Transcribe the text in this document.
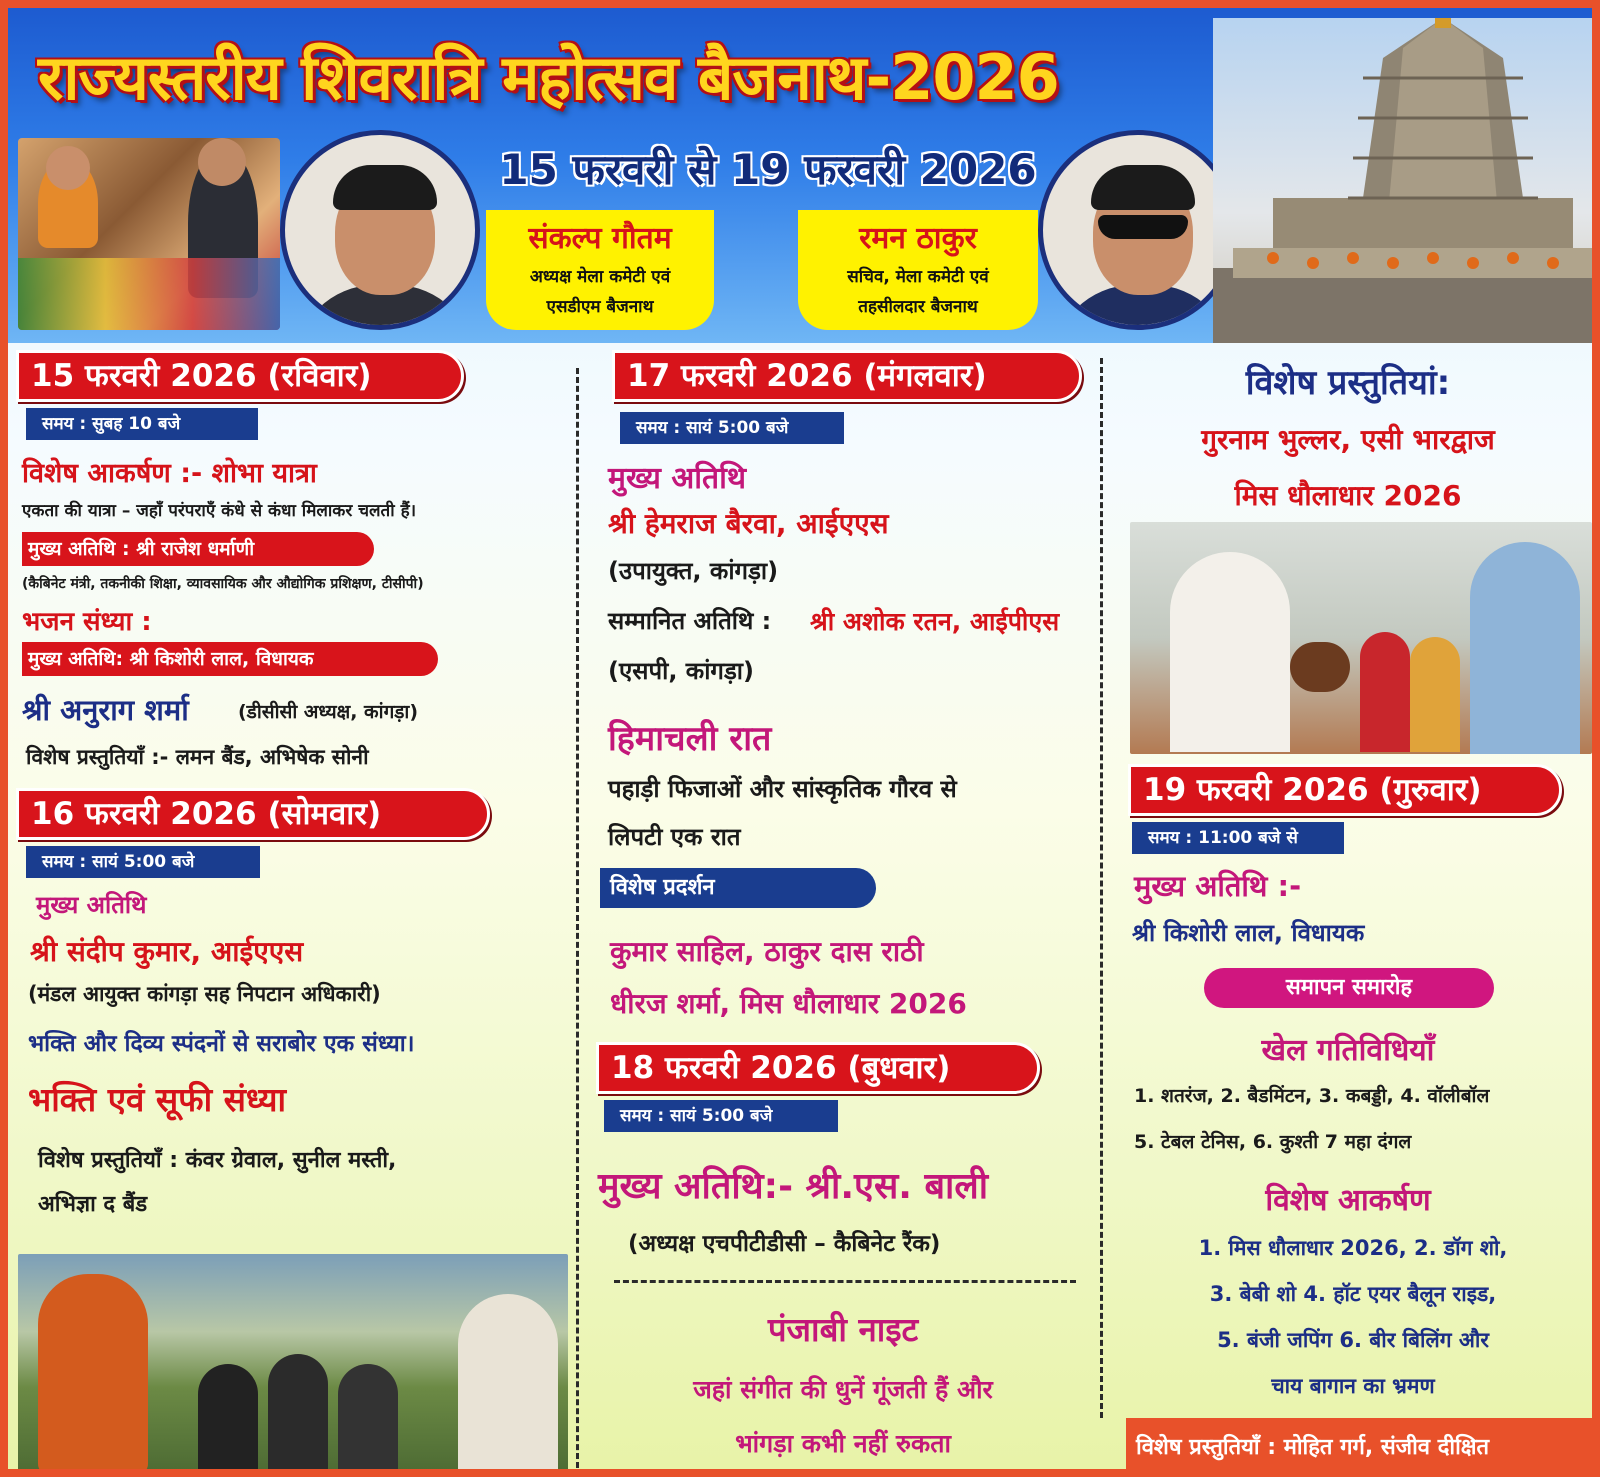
राज्यस्तरीय शिवरात्रि महोत्सव बैजनाथ-2026
15 फरवरी से 19 फरवरी 2026
संकल्प गौतम
अध्यक्ष मेला कमेटी एवं
एसडीएम बैजनाथ
रमन ठाकुर
सचिव, मेला कमेटी एवं
तहसीलदार बैजनाथ
15 फरवरी 2026 (रविवार)
समय : सुबह 10 बजे
विशेष आकर्षण :- शोभा यात्रा
एकता की यात्रा – जहाँ परंपराएँ कंधे से कंधा मिलाकर चलती हैं।
मुख्य अतिथि : श्री राजेश धर्माणी
(कैबिनेट मंत्री, तकनीकी शिक्षा, व्यावसायिक और औद्योगिक प्रशिक्षण, टीसीपी)
भजन संध्या :
मुख्य अतिथि: श्री किशोरी लाल, विधायक
श्री अनुराग शर्मा	(डीसीसी अध्यक्ष, कांगड़ा)
विशेष प्रस्तुतियाँ :- लमन बैंड, अभिषेक सोनी
16 फरवरी 2026 (सोमवार)
समय : सायं 5:00 बजे
मुख्य अतिथि
श्री संदीप कुमार, आईएएस
(मंडल आयुक्त कांगड़ा सह निपटान अधिकारी)
भक्ति और दिव्य स्पंदनों से सराबोर एक संध्या।
भक्ति एवं सूफी संध्या
विशेष प्रस्तुतियाँ : कंवर ग्रेवाल, सुनील मस्ती,
अभिज्ञा द बैंड
17 फरवरी 2026 (मंगलवार)
समय : सायं 5:00 बजे
मुख्य अतिथि
श्री हेमराज बैरवा, आईएएस
(उपायुक्त, कांगड़ा)
सम्मानित अतिथि : श्री अशोक रतन, आईपीएस
(एसपी, कांगड़ा)
हिमाचली रात
पहाड़ी फिजाओं और सांस्कृतिक गौरव से
लिपटी एक रात
विशेष प्रदर्शन
कुमार साहिल, ठाकुर दास राठी
धीरज शर्मा, मिस धौलाधार 2026
18 फरवरी 2026 (बुधवार)
समय : सायं 5:00 बजे
मुख्य अतिथि:- श्री.एस. बाली
(अध्यक्ष एचपीटीडीसी – कैबिनेट रैंक)
पंजाबी नाइट
जहां संगीत की धुनें गूंजती हैं और
भांगड़ा कभी नहीं रुकता
विशेष प्रस्तुतियां:
गुरनाम भुल्लर, एसी भारद्वाज
मिस धौलाधार 2026
19 फरवरी 2026 (गुरुवार)
समय : 11:00 बजे से
मुख्य अतिथि :-
श्री किशोरी लाल, विधायक
समापन समारोह
खेल गतिविधियाँ
1. शतरंज, 2. बैडमिंटन, 3. कबड्डी, 4. वॉलीबॉल
5. टेबल टेनिस, 6. कुश्ती 7 महा दंगल
विशेष आकर्षण
1. मिस धौलाधार 2026, 2. डॉग शो,
3. बेबी शो 4. हॉट एयर बैलून राइड,
5. बंजी जपिंग 6. बीर बिलिंग और
चाय बागान का भ्रमण
विशेष प्रस्तुतियाँ : मोहित गर्ग, संजीव दीक्षित
